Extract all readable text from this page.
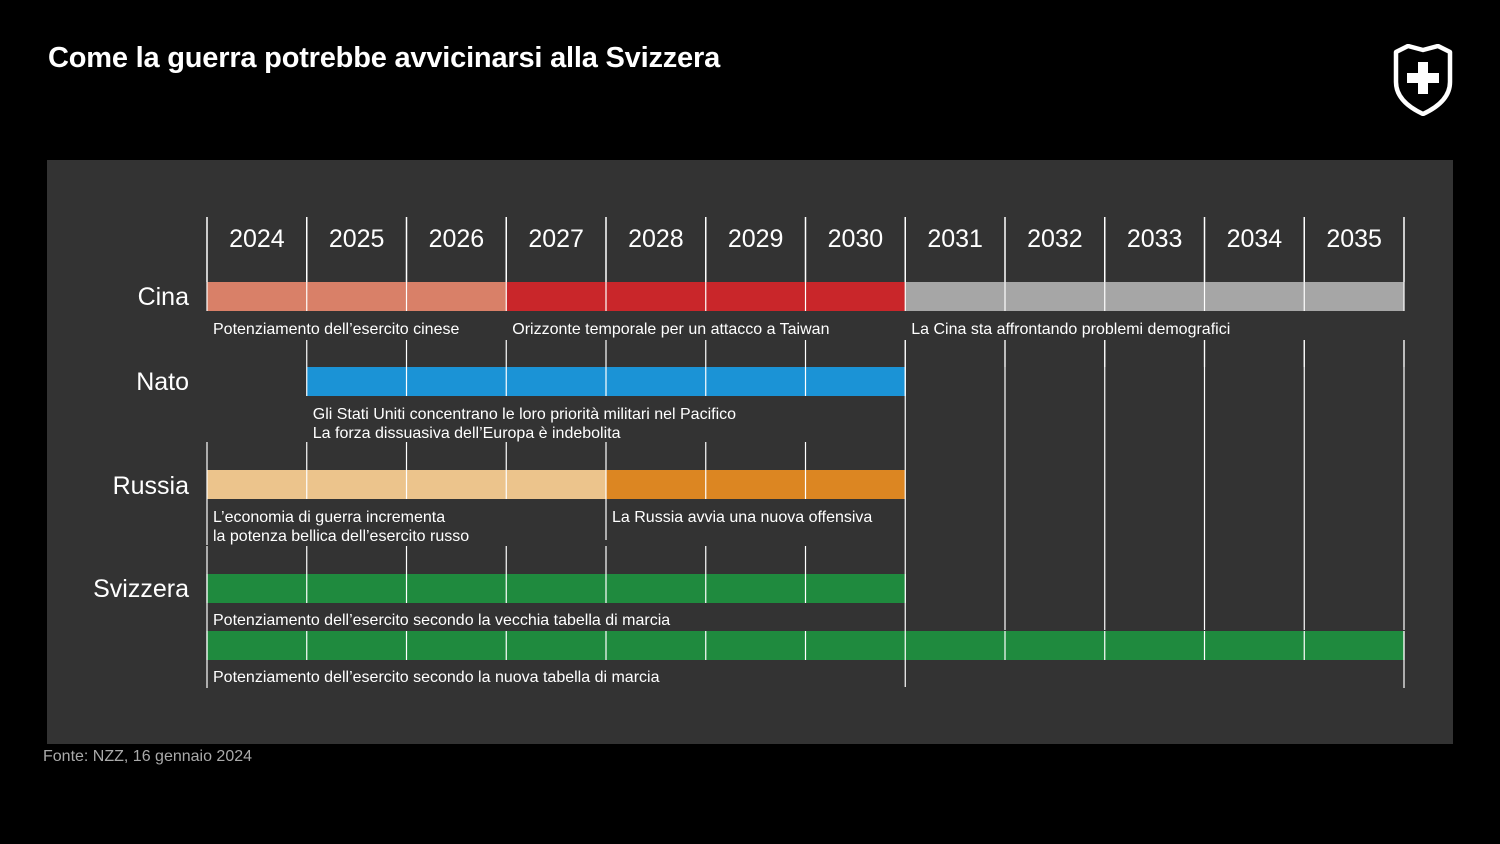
Come la guerra potrebbe avvicinarsi alla Svizzera
2024 2025 2026 2027 2028 2029 2030 2031 2032 2033 2034 2035
Cina
Potenziamento dell’esercito cinese	Orizzonte temporale per un attacco a Taiwan	La Cina sta affrontando problemi demografici
Nato
Gli Stati Uniti concentrano le loro priorità militari nel Pacifico
La forza dissuasiva dell’Europa è indebolita
Russia
L’economia di guerra incrementa
la potenza bellica dell’esercito russo
La Russia avvia una nuova offensiva
Svizzera
Potenziamento dell’esercito secondo la vecchia tabella di marcia
Potenziamento dell’esercito secondo la nuova tabella di marcia
Fonte: NZZ, 16 gennaio 2024
